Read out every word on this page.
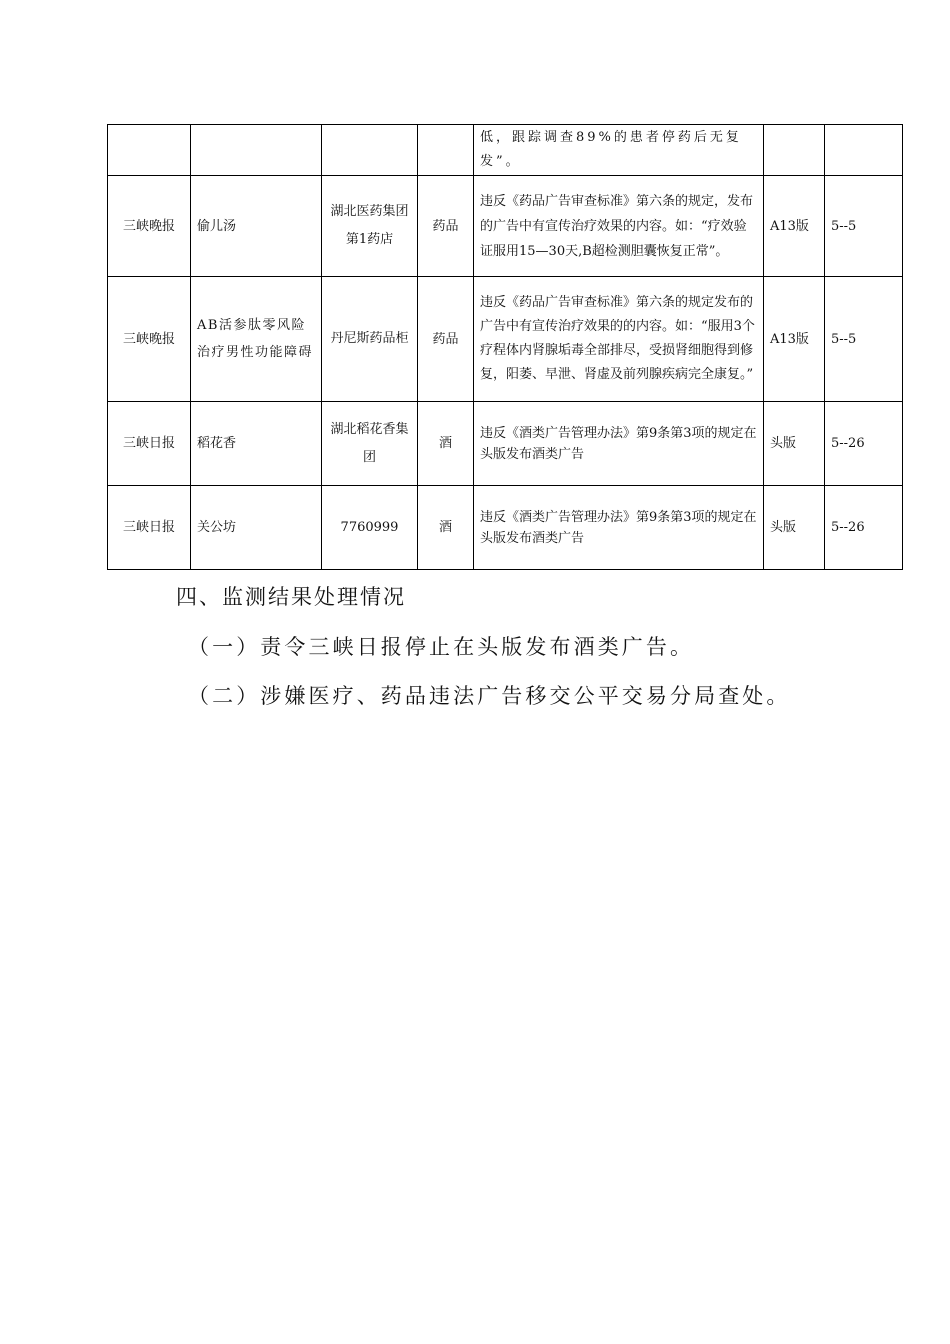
				低，跟踪调查89%的患者停药后无复发”。		
三峡晚报	偷儿汤	湖北医药集团第1药店	药品	违反《药品广告审查标准》第六条的规定，发布的广告中有宣传治疗效果的内容。如：“疗效验证服用15—30天,B超检测胆囊恢复正常”。	A13版	5--5
三峡晚报	AB活参肽零风险治疗男性功能障碍	丹尼斯药品柜	药品	违反《药品广告审查标准》第六条的规定发布的广告中有宣传治疗效果的的内容。如：“服用3个疗程体内肾腺垢毒全部排尽，受损肾细胞得到修复，阳萎、早泄、肾虚及前列腺疾病完全康复。”	A13版	5--5
三峡日报	稻花香	湖北稻花香集团	酒	违反《酒类广告管理办法》第9条第3项的规定在头版发布酒类广告	头版	5--26
三峡日报	关公坊	7760999	酒	违反《酒类广告管理办法》第9条第3项的规定在头版发布酒类广告	头版	5--26
四、监测结果处理情况
（一）责令三峡日报停止在头版发布酒类广告。
（二）涉嫌医疗、药品违法广告移交公平交易分局查处。
